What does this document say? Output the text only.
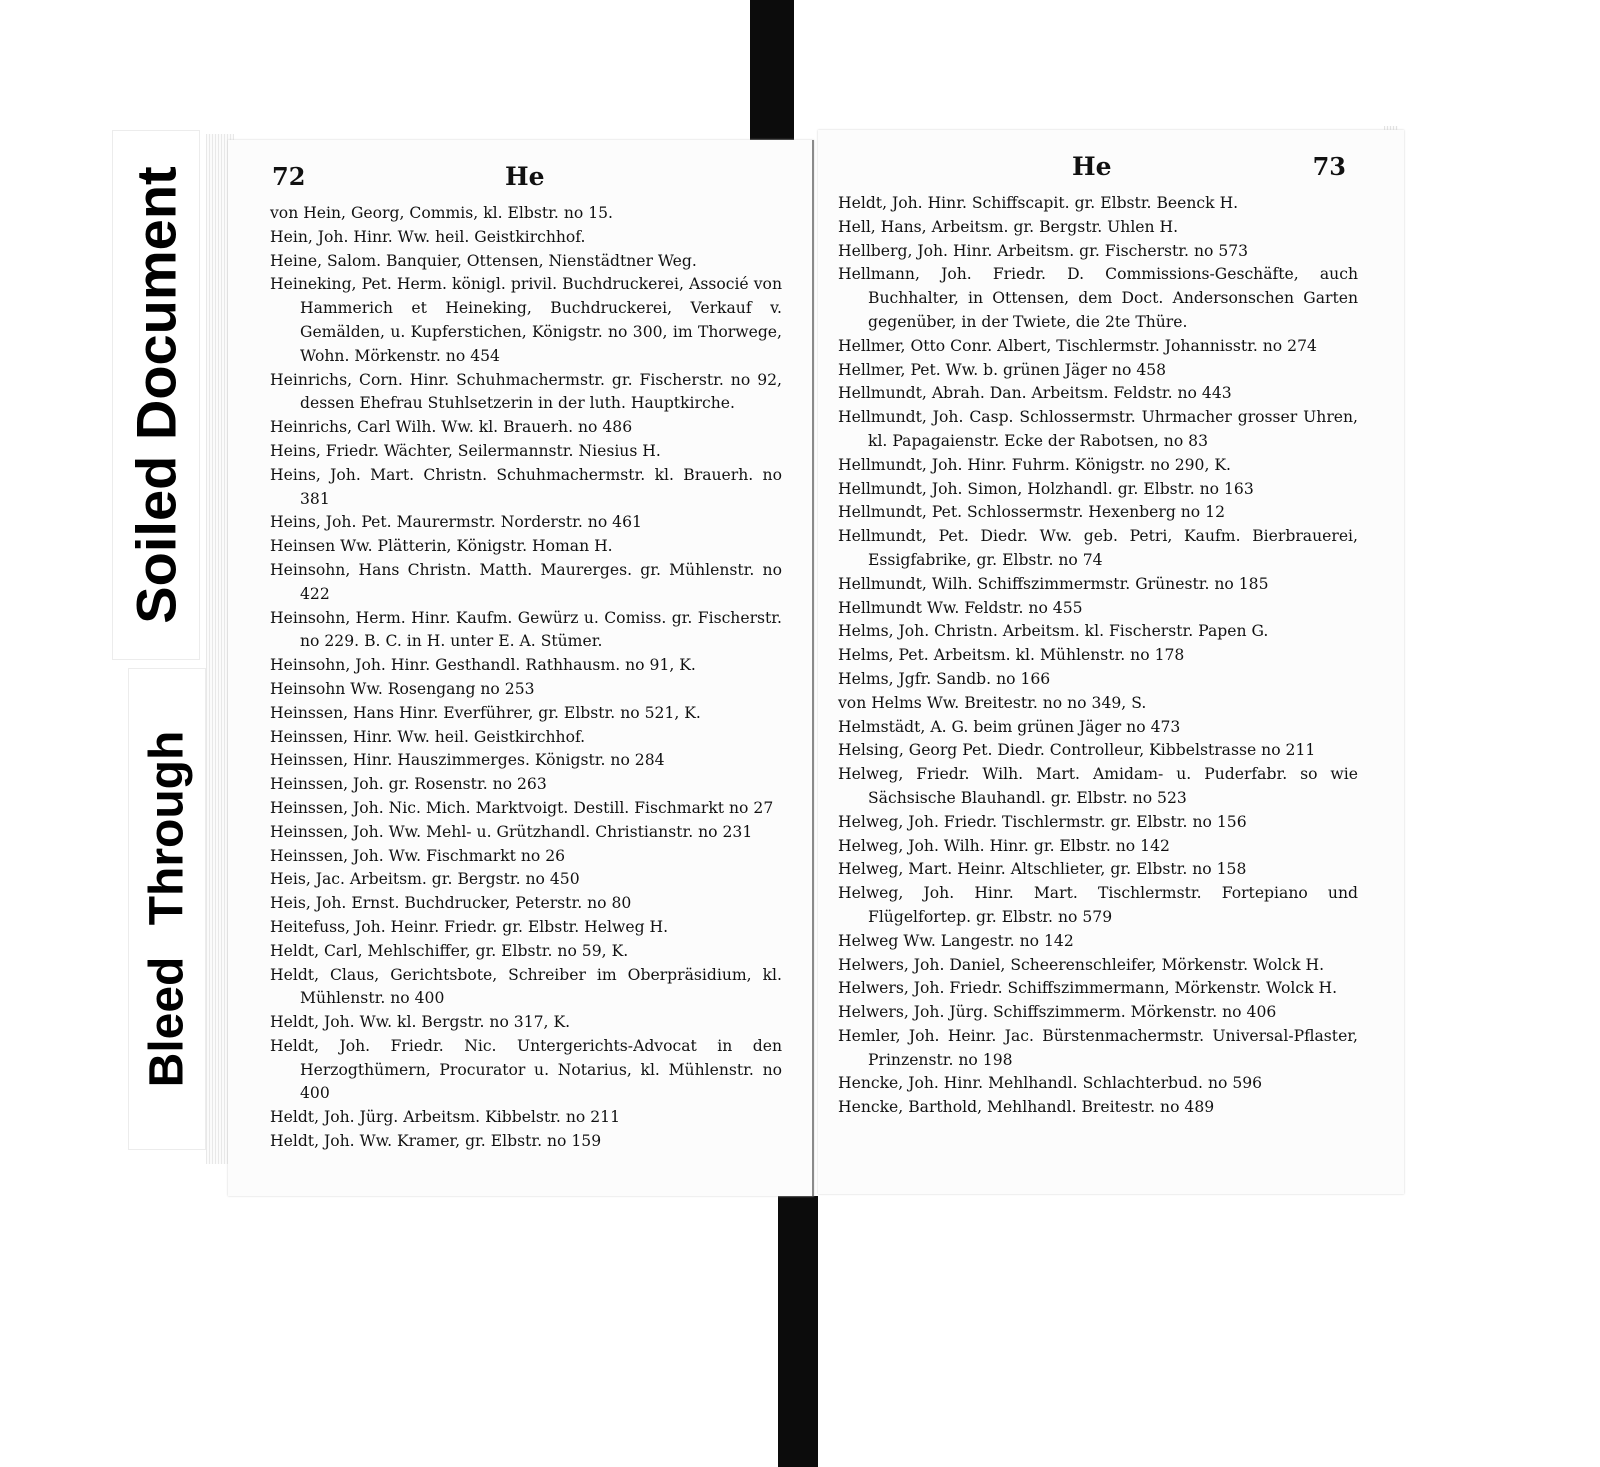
Soiled Document
Bleed Through
72	He

von Hein, Georg, Commis, kl. Elbstr. no 15.

Hein, Joh. Hinr. Ww. heil. Geistkirchhof.

Heine, Salom. Banquier, Ottensen, Nienstädtner Weg.

Heineking, Pet. Herm. königl. privil. Buchdruckerei, Associé von Hammerich et Heineking, Buchdruckerei, Verkauf v. Gemälden, u. Kupferstichen, Königstr. no 300, im Thorwege, Wohn. Mörkenstr. no 454

Heinrichs, Corn. Hinr. Schuhmachermstr. gr. Fischerstr. no 92, dessen Ehefrau Stuhlsetzerin in der luth. Hauptkirche.

Heinrichs, Carl Wilh. Ww. kl. Brauerh. no 486

Heins, Friedr. Wächter, Seilermannstr. Niesius H.

Heins, Joh. Mart. Christn. Schuhmachermstr. kl. Brauerh. no 381

Heins, Joh. Pet. Maurermstr. Norderstr. no 461

Heinsen Ww. Plätterin, Königstr. Homan H.

Heinsohn, Hans Christn. Matth. Maurerges. gr. Mühlenstr. no 422

Heinsohn, Herm. Hinr. Kaufm. Gewürz u. Comiss. gr. Fischerstr. no 229. B. C. in H. unter E. A. Stümer.

Heinsohn, Joh. Hinr. Gesthandl. Rathhausm. no 91, K.

Heinsohn Ww. Rosengang no 253

Heinssen, Hans Hinr. Everführer, gr. Elbstr. no 521, K.

Heinssen, Hinr. Ww. heil. Geistkirchhof.

Heinssen, Hinr. Hauszimmerges. Königstr. no 284

Heinssen, Joh. gr. Rosenstr. no 263

Heinssen, Joh. Nic. Mich. Marktvoigt. Destill. Fischmarkt no 27

Heinssen, Joh. Ww. Mehl- u. Grützhandl. Christianstr. no 231

Heinssen, Joh. Ww. Fischmarkt no 26

Heis, Jac. Arbeitsm. gr. Bergstr. no 450

Heis, Joh. Ernst. Buchdrucker, Peterstr. no 80

Heitefuss, Joh. Heinr. Friedr. gr. Elbstr. Helweg H.

Heldt, Carl, Mehlschiffer, gr. Elbstr. no 59, K.

Heldt, Claus, Gerichtsbote, Schreiber im Oberpräsidium, kl. Mühlenstr. no 400

Heldt, Joh. Ww. kl. Bergstr. no 317, K.

Heldt, Joh. Friedr. Nic. Untergerichts-Advocat in den Herzogthümern, Procurator u. Notarius, kl. Mühlenstr. no 400

Heldt, Joh. Jürg. Arbeitsm. Kibbelstr. no 211

Heldt, Joh. Ww. Kramer, gr. Elbstr. no 159

He	73

Heldt, Joh. Hinr. Schiffscapit. gr. Elbstr. Beenck H.

Hell, Hans, Arbeitsm. gr. Bergstr. Uhlen H.

Hellberg, Joh. Hinr. Arbeitsm. gr. Fischerstr. no 573

Hellmann, Joh. Friedr. D. Commissions-Geschäfte, auch Buchhalter, in Ottensen, dem Doct. Andersonschen Garten gegenüber, in der Twiete, die 2te Thüre.

Hellmer, Otto Conr. Albert, Tischlermstr. Johannisstr. no 274

Hellmer, Pet. Ww. b. grünen Jäger no 458

Hellmundt, Abrah. Dan. Arbeitsm. Feldstr. no 443

Hellmundt, Joh. Casp. Schlossermstr. Uhrmacher grosser Uhren, kl. Papagaienstr. Ecke der Rabotsen, no 83

Hellmundt, Joh. Hinr. Fuhrm. Königstr. no 290, K.

Hellmundt, Joh. Simon, Holzhandl. gr. Elbstr. no 163

Hellmundt, Pet. Schlossermstr. Hexenberg no 12

Hellmundt, Pet. Diedr. Ww. geb. Petri, Kaufm. Bierbrauerei, Essigfabrike, gr. Elbstr. no 74

Hellmundt, Wilh. Schiffszimmermstr. Grünestr. no 185

Hellmundt Ww. Feldstr. no 455

Helms, Joh. Christn. Arbeitsm. kl. Fischerstr. Papen G.

Helms, Pet. Arbeitsm. kl. Mühlenstr. no 178

Helms, Jgfr. Sandb. no 166

von Helms Ww. Breitestr. no no 349, S.

Helmstädt, A. G. beim grünen Jäger no 473

Helsing, Georg Pet. Diedr. Controlleur, Kibbelstrasse no 211

Helweg, Friedr. Wilh. Mart. Amidam- u. Puderfabr. so wie Sächsische Blauhandl. gr. Elbstr. no 523

Helweg, Joh. Friedr. Tischlermstr. gr. Elbstr. no 156

Helweg, Joh. Wilh. Hinr. gr. Elbstr. no 142

Helweg, Mart. Heinr. Altschlieter, gr. Elbstr. no 158

Helweg, Joh. Hinr. Mart. Tischlermstr. Fortepiano und Flügelfortep. gr. Elbstr. no 579

Helweg Ww. Langestr. no 142

Helwers, Joh. Daniel, Scheerenschleifer, Mörkenstr. Wolck H.

Helwers, Joh. Friedr. Schiffszimmermann, Mörkenstr. Wolck H.

Helwers, Joh. Jürg. Schiffszimmerm. Mörkenstr. no 406

Hemler, Joh. Heinr. Jac. Bürstenmachermstr. Universal-Pflaster, Prinzenstr. no 198

Hencke, Joh. Hinr. Mehlhandl. Schlachterbud. no 596

Hencke, Barthold, Mehlhandl. Breitestr. no 489
